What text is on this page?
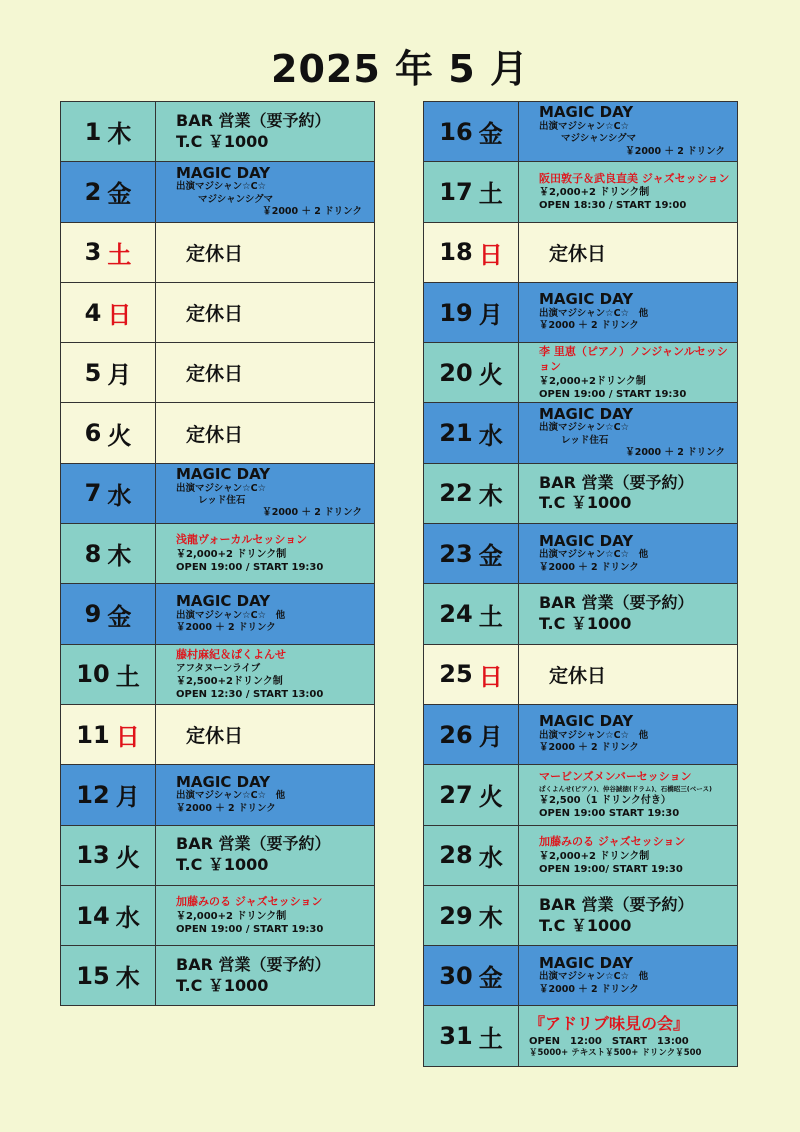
2025 年 5 月
1 木	BAR 営業（要予約）
T.C ￥1000
2 金
MAGIC DAY
出演マジシャン☆C☆
マジシャンシグマ
￥2000 ＋ 2 ドリンク
3 土	定休日
4 日	定休日
5 月	定休日
6 火	定休日
7 水
MAGIC DAY
出演マジシャン☆C☆
レッド住石
￥2000 ＋ 2 ドリンク
8 木
浅龍ヴォーカルセッション
￥2,000+2 ドリンク制
OPEN 19:00 / START 19:30
9 金
MAGIC DAY
出演マジシャン☆C☆　他
￥2000 ＋ 2 ドリンク
10 土
藤村麻紀＆ぱくよんせ
アフタヌーンライブ
￥2,500+2ドリンク制
OPEN 12:30 / START 13:00
11 日	定休日
12 月
MAGIC DAY
出演マジシャン☆C☆　他
￥2000 ＋ 2 ドリンク
13 火 BAR 営業（要予約）
T.C ￥1000
14 水
加藤みのる ジャズセッション
￥2,000+2 ドリンク制
OPEN 19:00 / START 19:30
15 木 BAR 営業（要予約）
T.C ￥1000
16 金
MAGIC DAY
出演マジシャン☆C☆
マジシャンシグマ
￥2000 ＋ 2 ドリンク
17 土
阪田敦子＆武良直美 ジャズセッション
￥2,000+2 ドリンク制
OPEN 18:30 / START 19:00
18 日	定休日
19 月
MAGIC DAY
出演マジシャン☆C☆　他
￥2000 ＋ 2 ドリンク
20 火
李 里恵（ピアノ）ノンジャンルセッション
￥2,000+2ドリンク制
OPEN 19:00 / START 19:30
21 水
MAGIC DAY
出演マジシャン☆C☆
レッド住石
￥2000 ＋ 2 ドリンク
22 木 BAR 営業（要予約）
T.C ￥1000
23 金
MAGIC DAY
出演マジシャン☆C☆　他
￥2000 ＋ 2 ドリンク
24 土 BAR 営業（要予約）
T.C ￥1000
25 日	定休日
26 月
MAGIC DAY
出演マジシャン☆C☆　他
￥2000 ＋ 2 ドリンク
27 火
マービンズメンバーセッション
ぱくよんせ(ピアノ)、仲谷誠徳(ドラム)、石橋昭三(ベース)
￥2,500（1 ドリンク付き）
OPEN 19:00 START 19:30
28 水
加藤みのる ジャズセッション
￥2,000+2 ドリンク制
OPEN 19:00/ START 19:30
29 木 BAR 営業（要予約）
T.C ￥1000
30 金
MAGIC DAY
出演マジシャン☆C☆　他
￥2000 ＋ 2 ドリンク
31 土
『アドリブ味見の会』
OPEN　12:00　START　13:00
￥5000+ テキスト￥500+ ドリンク￥500
